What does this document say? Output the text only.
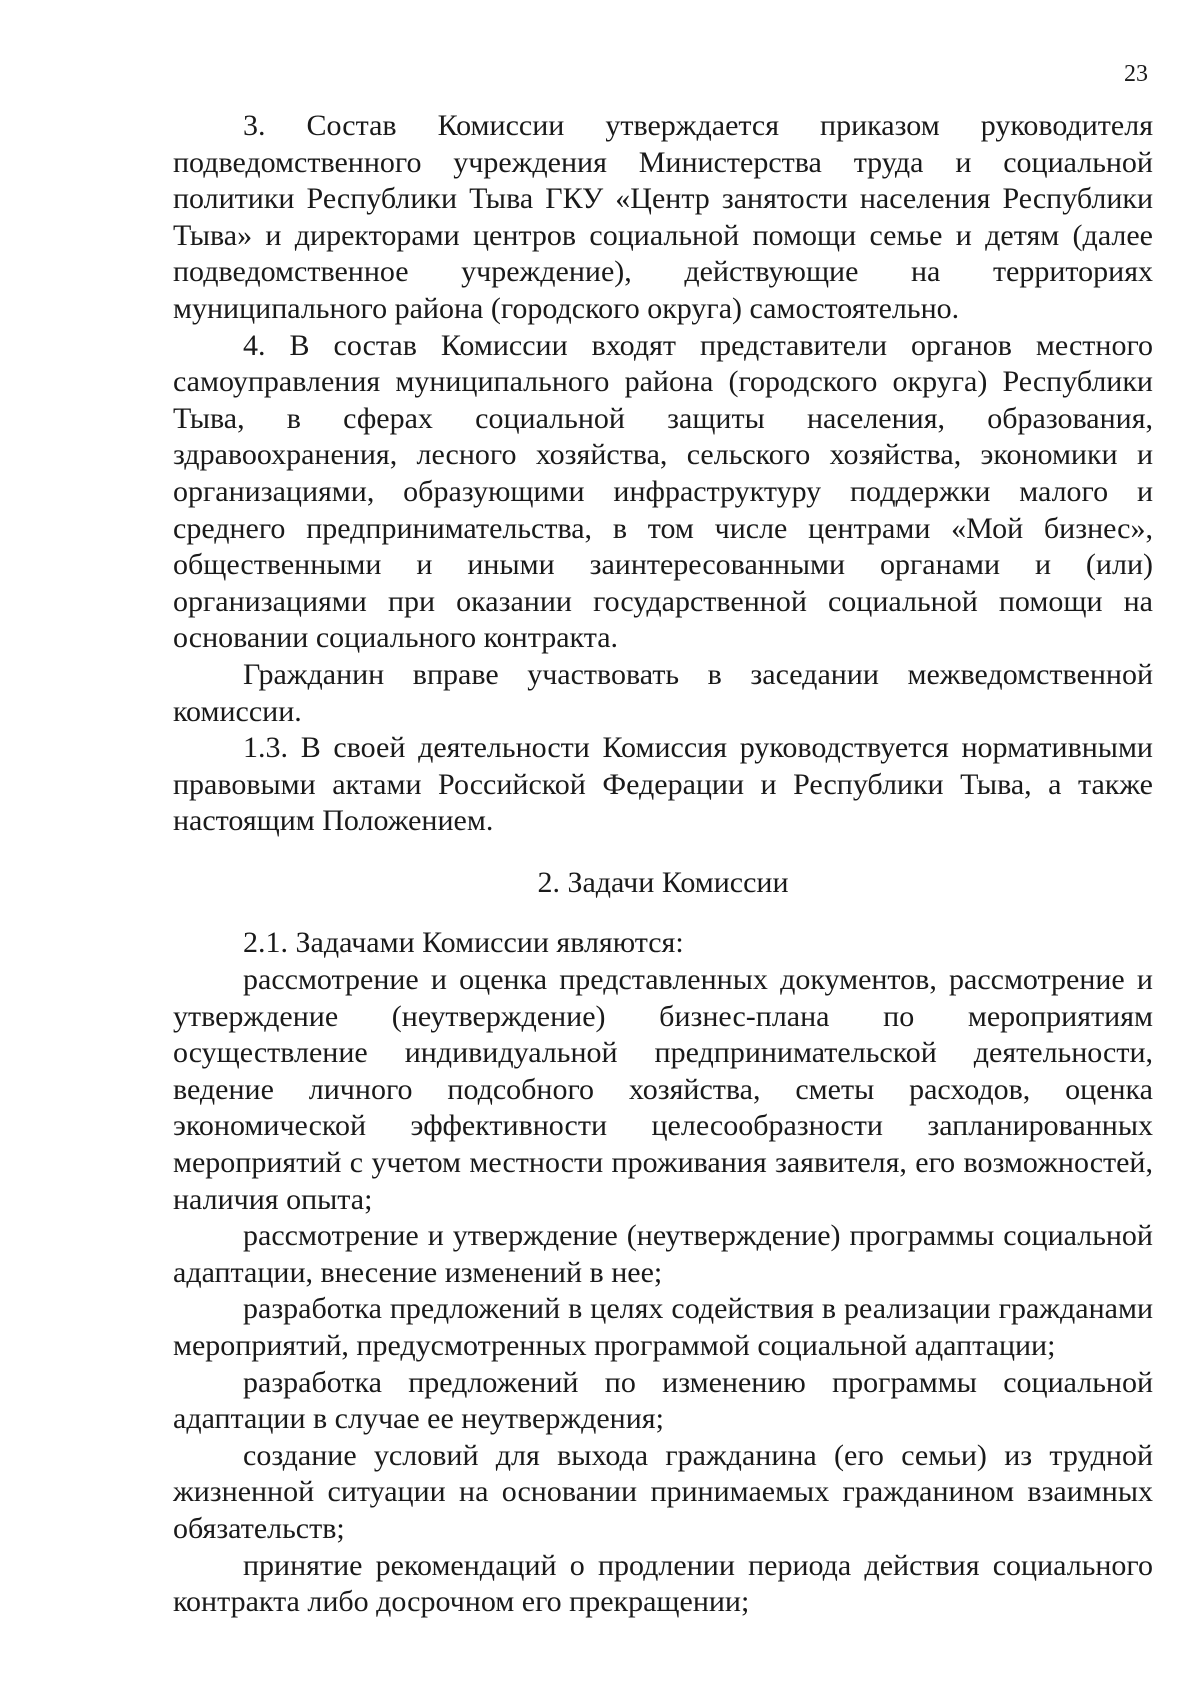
23

3. Состав Комиссии утверждается приказом руководителя подведомственного учреждения Министерства труда и социальной политики Республики Тыва ГКУ «Центр занятости населения Республики Тыва» и директорами центров социальной помощи семье и детям (далее подведомственное учреждение), действующие на территориях муниципального района (городского округа) самостоятельно.

4. В состав Комиссии входят представители органов местного самоуправления муниципального района (городского округа) Республики Тыва, в сферах социальной защиты населения, образования, здравоохранения, лесного хозяйства, сельского хозяйства, экономики и организациями, образующими инфраструктуру поддержки малого и среднего предпринимательства, в том числе центрами «Мой бизнес», общественными и иными заинтересованными органами и (или) организациями при оказании государственной социальной помощи на основании социального контракта.

Гражданин вправе участвовать в заседании межведомственной комиссии.

1.3. В своей деятельности Комиссия руководствуется нормативными правовыми актами Российской Федерации и Республики Тыва, а также настоящим Положением.

2. Задачи Комиссии

2.1. Задачами Комиссии являются:

рассмотрение и оценка представленных документов, рассмотрение и утверждение (неутверждение) бизнес-плана по мероприятиям осуществление индивидуальной предпринимательской деятельности, ведение личного подсобного хозяйства, сметы расходов, оценка экономической эффективности целесообразности запланированных мероприятий с учетом местности проживания заявителя, его возможностей, наличия опыта;

рассмотрение и утверждение (неутверждение) программы социальной адаптации, внесение изменений в нее;

разработка предложений в целях содействия в реализации гражданами мероприятий, предусмотренных программой социальной адаптации;

разработка предложений по изменению программы социальной адаптации в случае ее неутверждения;

создание условий для выхода гражданина (его семьи) из трудной жизненной ситуации на основании принимаемых гражданином взаимных обязательств;

принятие рекомендаций о продлении периода действия социального контракта либо досрочном его прекращении;
